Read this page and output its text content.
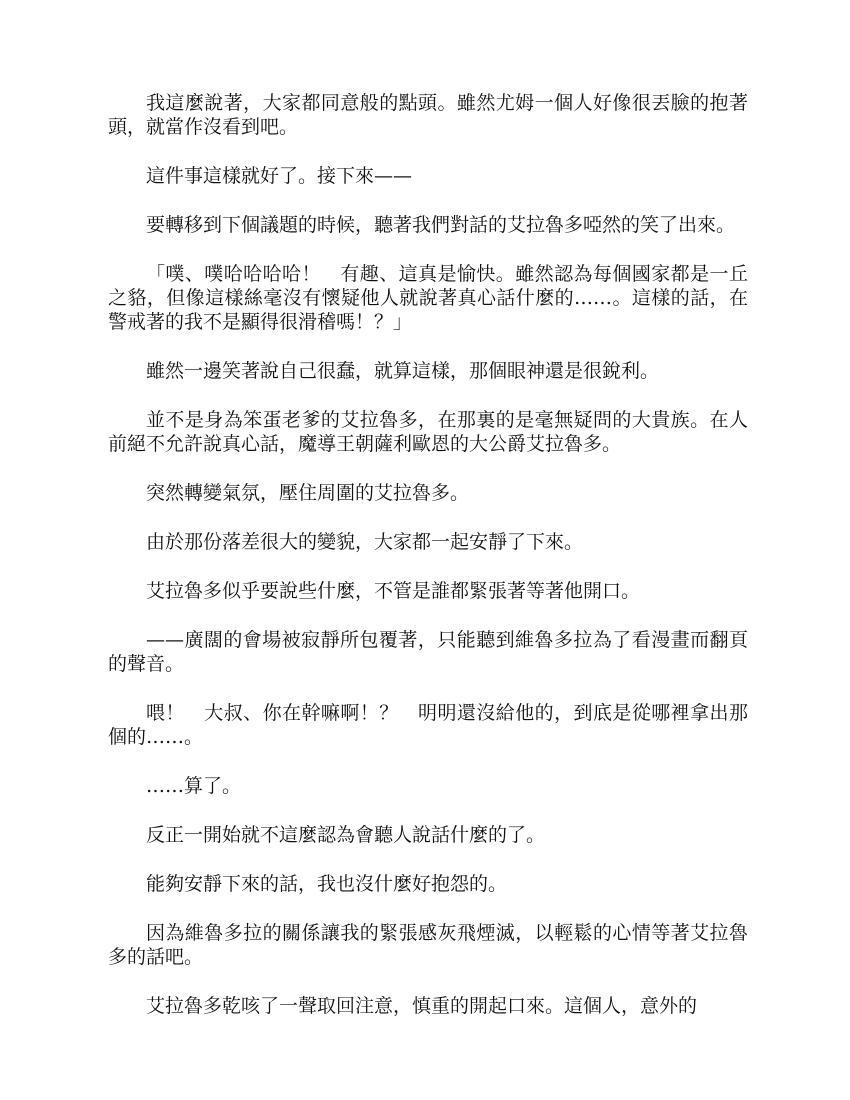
我這麼說著，大家都同意般的點頭。雖然尤姆一個人好像很丟臉的抱著頭，就當作沒看到吧。

這件事這樣就好了。接下來——

要轉移到下個議題的時候，聽著我們對話的艾拉魯多啞然的笑了出來。

「噗、噗哈哈哈哈！　有趣、這真是愉快。雖然認為每個國家都是一丘之貉，但像這樣絲毫沒有懷疑他人就說著真心話什麼的……。這樣的話，在警戒著的我不是顯得很滑稽嗎！？」

雖然一邊笑著說自己很蠢，就算這樣，那個眼神還是很銳利。

並不是身為笨蛋老爹的艾拉魯多，在那裏的是毫無疑問的大貴族。在人前絕不允許說真心話，魔導王朝薩利歐恩的大公爵艾拉魯多。

突然轉變氣氛，壓住周圍的艾拉魯多。

由於那份落差很大的變貌，大家都一起安靜了下來。

艾拉魯多似乎要說些什麼，不管是誰都緊張著等著他開口。

——廣闊的會場被寂靜所包覆著，只能聽到維魯多拉為了看漫畫而翻頁的聲音。

喂！　大叔、你在幹嘛啊！？　明明還沒給他的，到底是從哪裡拿出那個的……。

……算了。

反正一開始就不這麼認為會聽人說話什麼的了。

能夠安靜下來的話，我也沒什麼好抱怨的。

因為維魯多拉的關係讓我的緊張感灰飛煙滅，以輕鬆的心情等著艾拉魯多的話吧。

艾拉魯多乾咳了一聲取回注意，慎重的開起口來。這個人，意外的
